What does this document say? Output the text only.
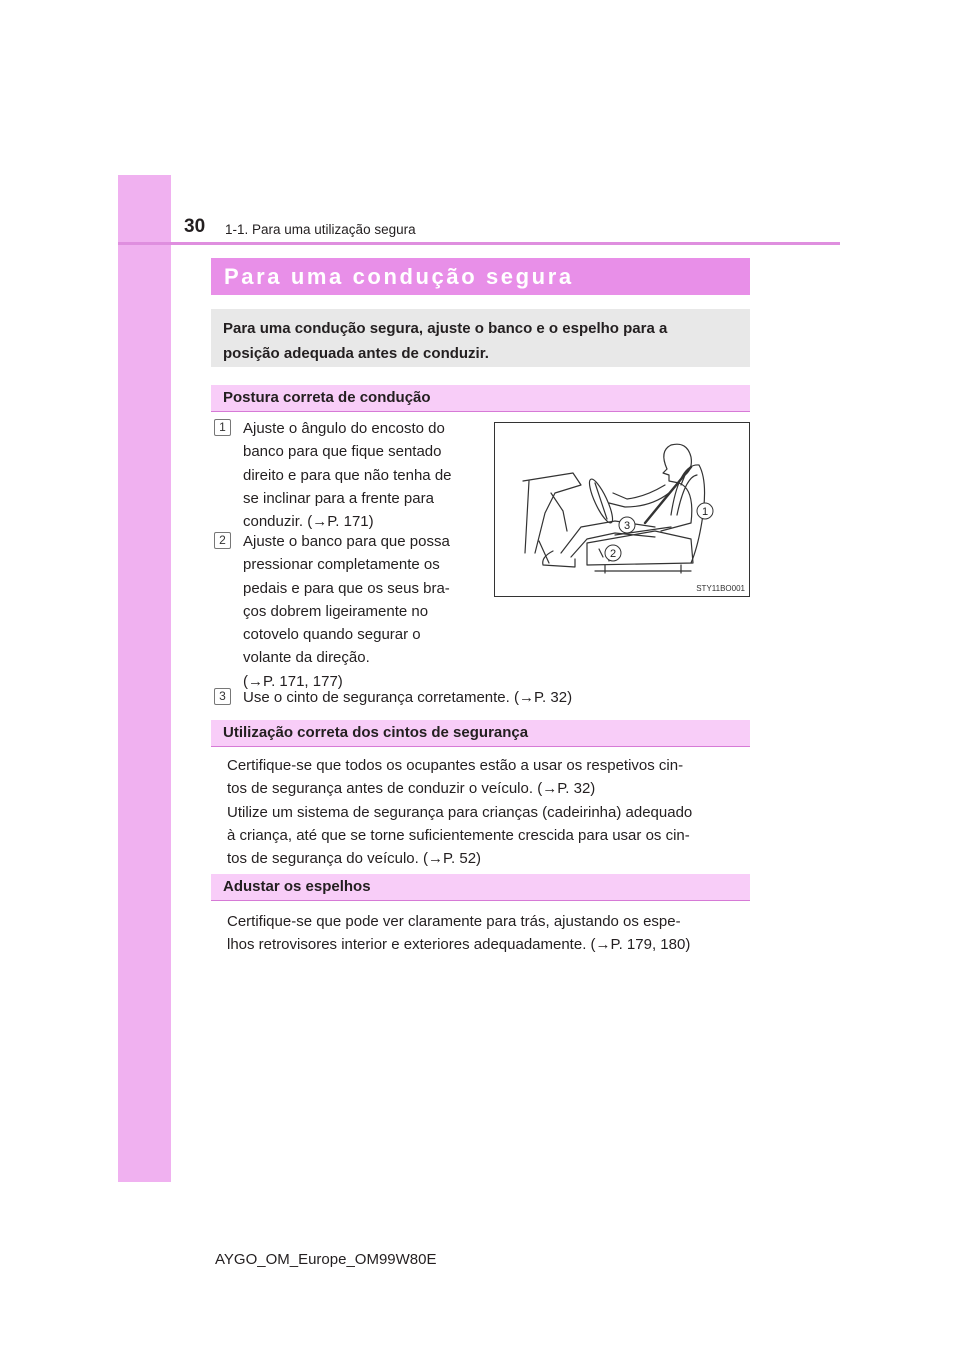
30 1-1. Para uma utilização segura
Para uma condução segura

Para uma condução segura, ajuste o banco e o espelho para a
posição adequada antes de conduzir.

Postura correta de condução
1	Ajuste o ângulo do encosto do
banco para que fique sentado
direito e para que não tenha de
se inclinar para a frente para
conduzir. (→P. 171)
2	Ajuste o banco para que possa
pressionar completamente os
pedais e para que os seus bra-
ços dobrem ligeiramente no
cotovelo quando segurar o
volante da direção.
(→P. 171, 177)
3	Use o cinto de segurança corretamente. (→P. 32)
1
2
3
STY11BO001
Utilização correta dos cintos de segurança
Certifique-se que todos os ocupantes estão a usar os respetivos cin-
tos de segurança antes de conduzir o veículo. (→P. 32)
Utilize um sistema de segurança para crianças (cadeirinha) adequado
à criança, até que se torne suficientemente crescida para usar os cin-
tos de segurança do veículo. (→P. 52)
Adustar os espelhos
Certifique-se que pode ver claramente para trás, ajustando os espe-
lhos retrovisores interior e exteriores adequadamente. (→P. 179, 180)
AYGO_OM_Europe_OM99W80E
